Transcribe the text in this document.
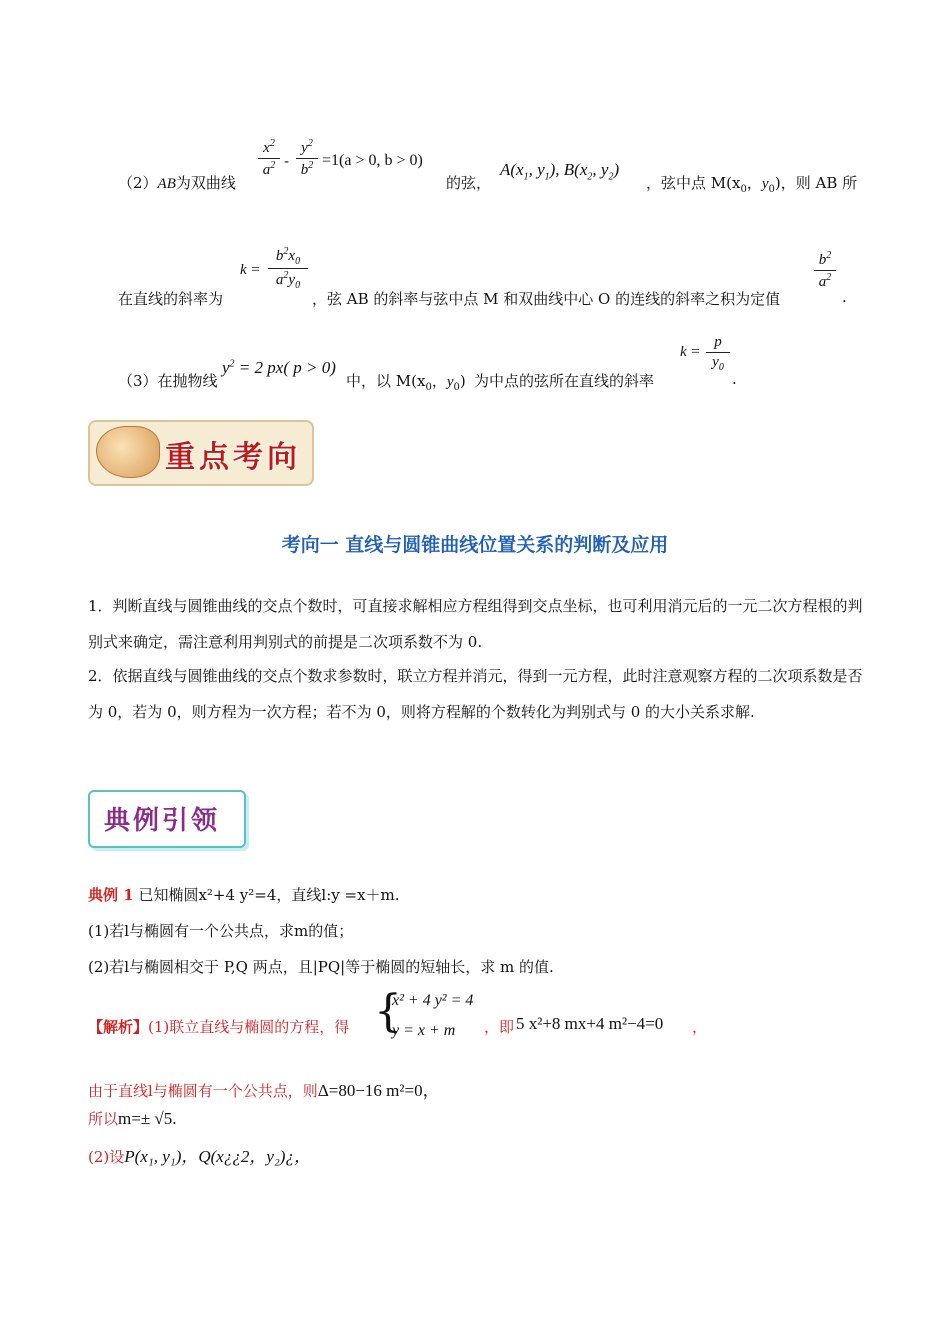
（2）AB为双曲线
$x^2$
$a^2$ -
$y^2$
$b^2 =1(a > 0$, b > 0)
的弦，
$A(x_1$, $y_1$), $B(x_2$, $y_2$)
，弦中点 $M(x_0$，$y_0$)，则 AB 所
在直线的斜率为
k =
$b^2x_0$
$a^2y_0$
，弦 AB 的斜率与弦中点 M 和双曲线中心 O 的连线的斜率之积为定值
$b^2$
$a^2$
.
（3）在抛物线
$y^2 = 2$ px( p > 0)
中，以 $M(x_0$，$y_0$) 为中点的弦所在直线的斜率
k =
p
$y_0$
.
重点考向
考向一 直线与圆锥曲线位置关系的判断及应用
1．判断直线与圆锥曲线的交点个数时，可直接求解相应方程组得到交点坐标，也可利用消元后的一元二次方程根的判别式来确定，需注意利用判别式的前提是二次项系数不为 0.
2．依据直线与圆锥曲线的交点个数求参数时，联立方程并消元，得到一元方程，此时注意观察方程的二次项系数是否为 0，若为 0，则方程为一次方程；若不为 0，则将方程解的个数转化为判别式与 0 的大小关系求解.
典例引领
典例 1 已知椭圆x²+4 y²=4，直线l:y =x＋m.
(1)若l与椭圆有一个公共点，求m的值；
(2)若l与椭圆相交于 P,Q 两点，且|PQ|等于椭圆的短轴长，求 m 的值.
【解析】(1)联立直线与椭圆的方程，得 {
x² + 4 y² = 4
y = x + m ，即 5 x²+8 mx+4 m²−4=0 ，
由于直线l与椭圆有一个公共点，则Δ=80−16 m²=0，
所以m=± √5.
(2)设P(x₁, y₁)，Q(x¿¿2，y₂)¿，
